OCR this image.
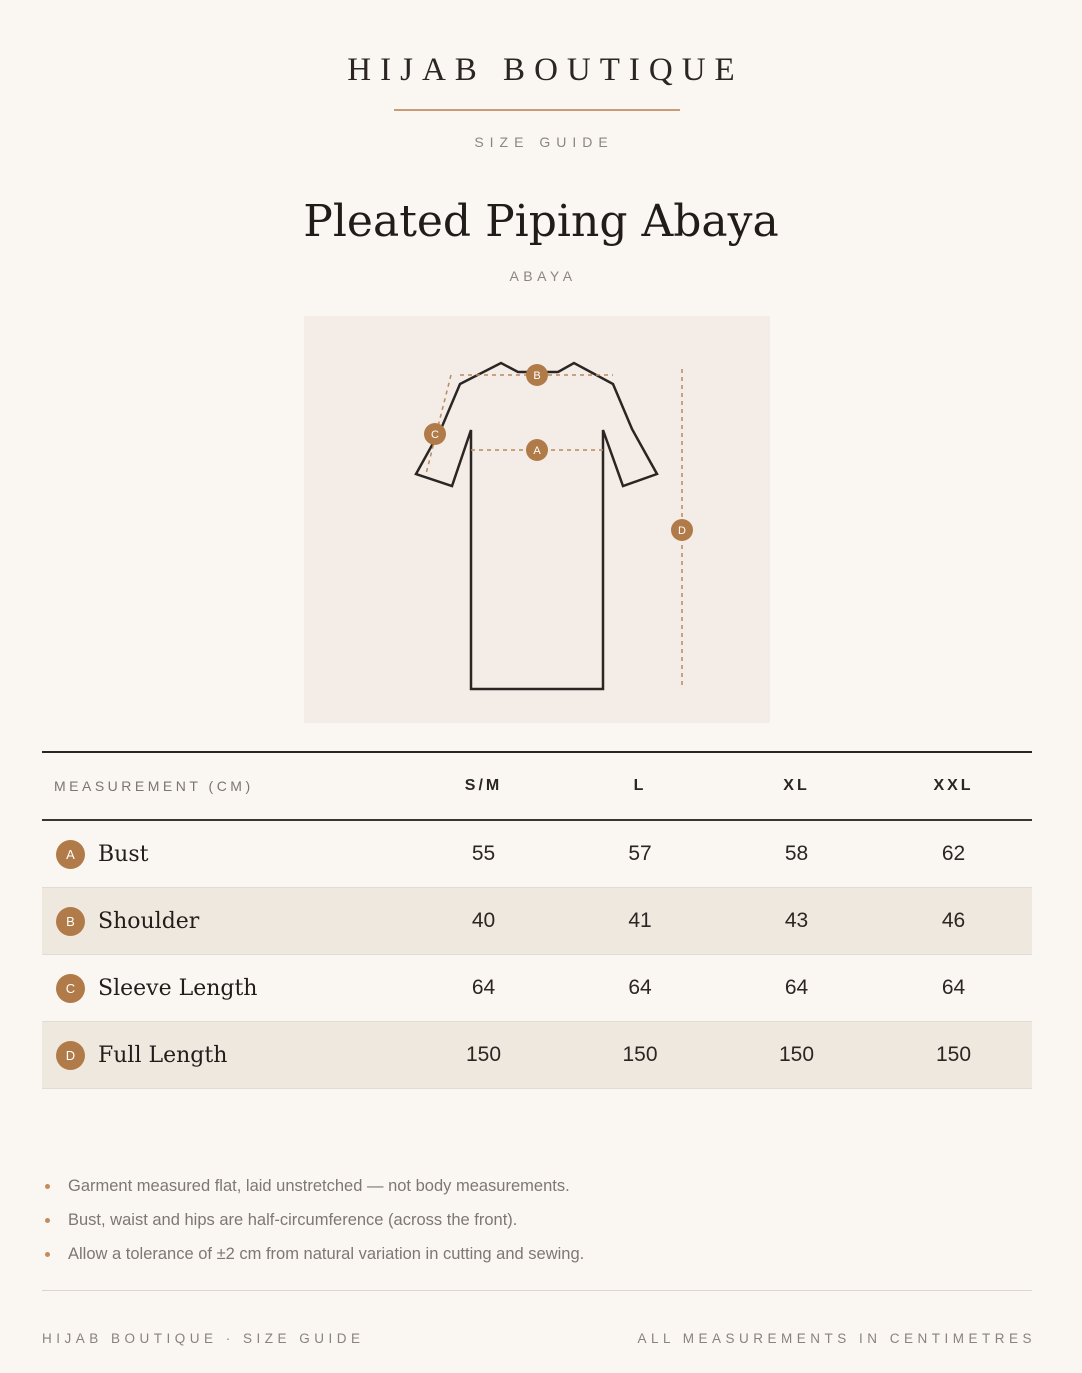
HIJAB BOUTIQUE
SIZE GUIDE
Pleated Piping Abaya
ABAYA
B
A
C
D
MEASUREMENT (CM)	S/M	L	XL	XXL
A Bust	55	57	58	62
B Shoulder	40	41	43	46
C Sleeve Length	64	64	64	64
D Full Length	150	150	150	150
Garment measured flat, laid unstretched — not body measurements.
Bust, waist and hips are half-circumference (across the front).
Allow a tolerance of ±2 cm from natural variation in cutting and sewing.
HIJAB BOUTIQUE · SIZE GUIDE	ALL MEASUREMENTS IN CENTIMETRES
